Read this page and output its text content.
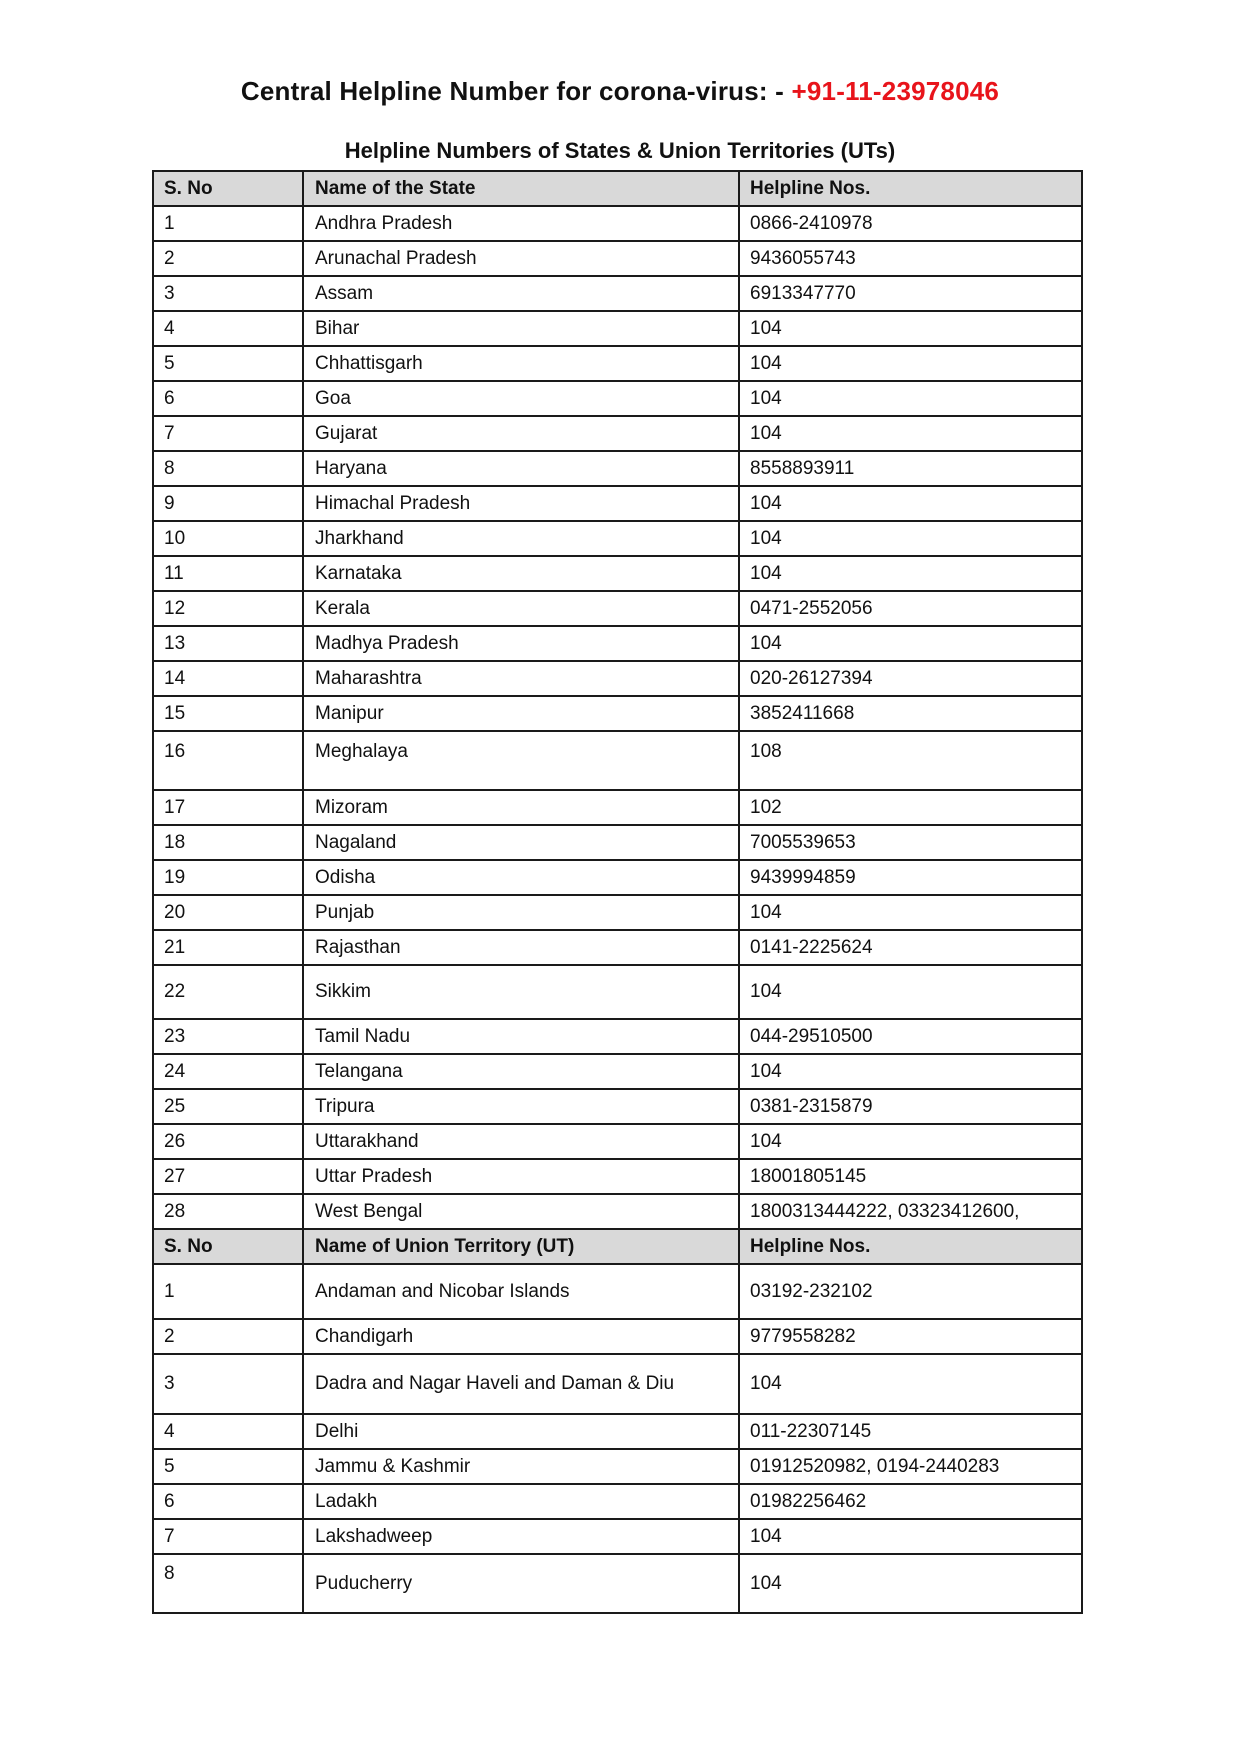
Central Helpline Number for corona-virus: - +91-11-23978046
Helpline Numbers of States & Union Territories (UTs)
S. No	Name of the State	Helpline Nos.
1	Andhra Pradesh	0866-2410978
2	Arunachal Pradesh	9436055743
3	Assam	6913347770
4	Bihar	104
5	Chhattisgarh	104
6	Goa	104
7	Gujarat	104
8	Haryana	8558893911
9	Himachal Pradesh	104
10	Jharkhand	104
11	Karnataka	104
12	Kerala	0471-2552056
13	Madhya Pradesh	104
14	Maharashtra	020-26127394
15	Manipur	3852411668
16	Meghalaya	108
17	Mizoram	102
18	Nagaland	7005539653
19	Odisha	9439994859
20	Punjab	104
21	Rajasthan	0141-2225624
22	Sikkim	104
23	Tamil Nadu	044-29510500
24	Telangana	104
25	Tripura	0381-2315879
26	Uttarakhand	104
27	Uttar Pradesh	18001805145
28	West Bengal	1800313444222, 03323412600,
S. No	Name of Union Territory (UT)	Helpline Nos.
1	Andaman and Nicobar Islands	03192-232102
2	Chandigarh	9779558282
3	Dadra and Nagar Haveli and Daman & Diu	104
4	Delhi	011-22307145
5	Jammu & Kashmir	01912520982, 0194-2440283
6	Ladakh	01982256462
7	Lakshadweep	104
8	Puducherry	104
